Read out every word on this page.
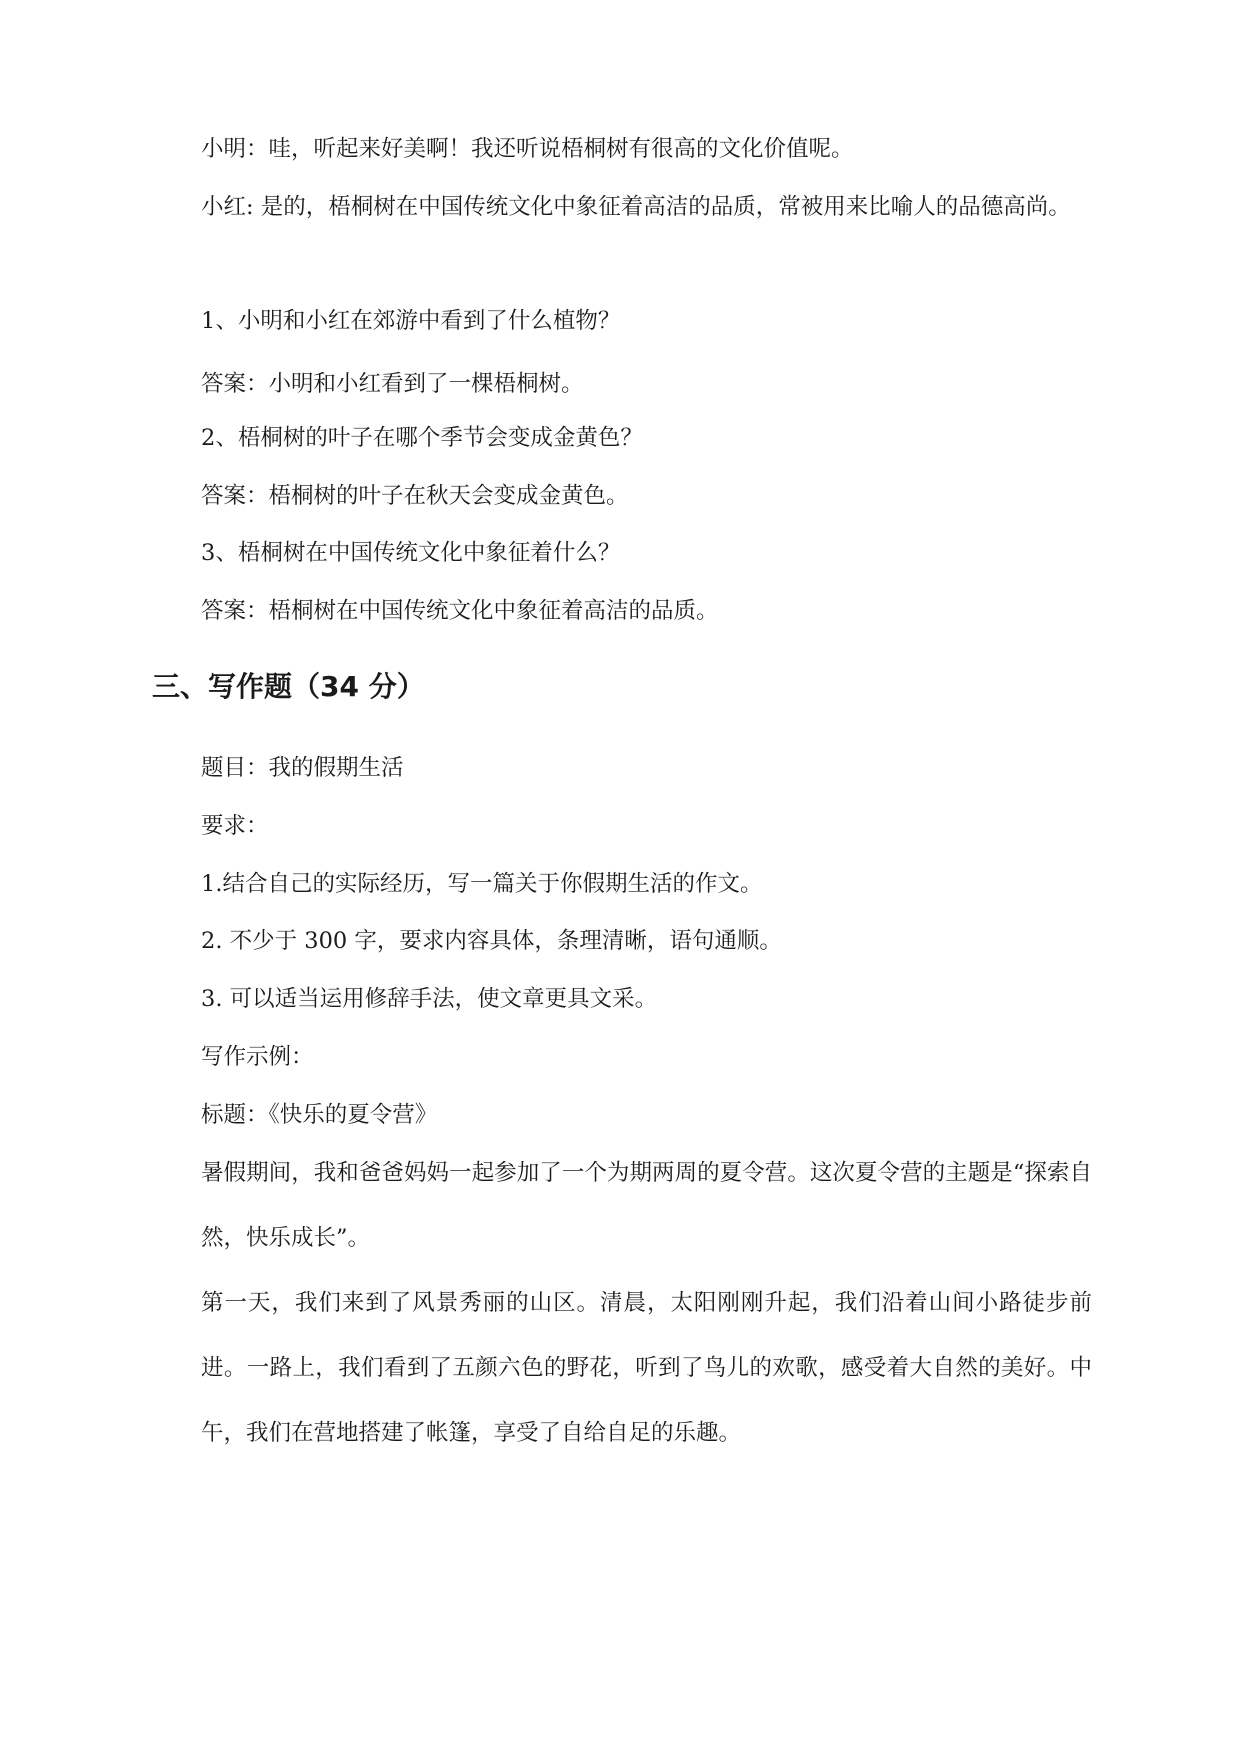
小明：哇，听起来好美啊！我还听说梧桐树有很高的文化价值呢。
小红: 是的，梧桐树在中国传统文化中象征着高洁的品质，常被用来比喻人的品德高尚。
1、小明和小红在郊游中看到了什么植物？
答案：小明和小红看到了一棵梧桐树。
2、梧桐树的叶子在哪个季节会变成金黄色？
答案：梧桐树的叶子在秋天会变成金黄色。
3、梧桐树在中国传统文化中象征着什么？
答案：梧桐树在中国传统文化中象征着高洁的品质。
三、写作题（34 分）
题目：我的假期生活
要求：
1.结合自己的实际经历，写一篇关于你假期生活的作文。
2. 不少于 300 字，要求内容具体，条理清晰，语句通顺。
3. 可以适当运用修辞手法，使文章更具文采。
写作示例：
标题：《快乐的夏令营》
暑假期间，我和爸爸妈妈一起参加了一个为期两周的夏令营。这次夏令营的主题是“探索自然，快乐成长”。
第一天，我们来到了风景秀丽的山区。清晨，太阳刚刚升起，我们沿着山间小路徒步前进。一路上，我们看到了五颜六色的野花，听到了鸟儿的欢歌，感受着大自然的美好。中午，我们在营地搭建了帐篷，享受了自给自足的乐趣。
